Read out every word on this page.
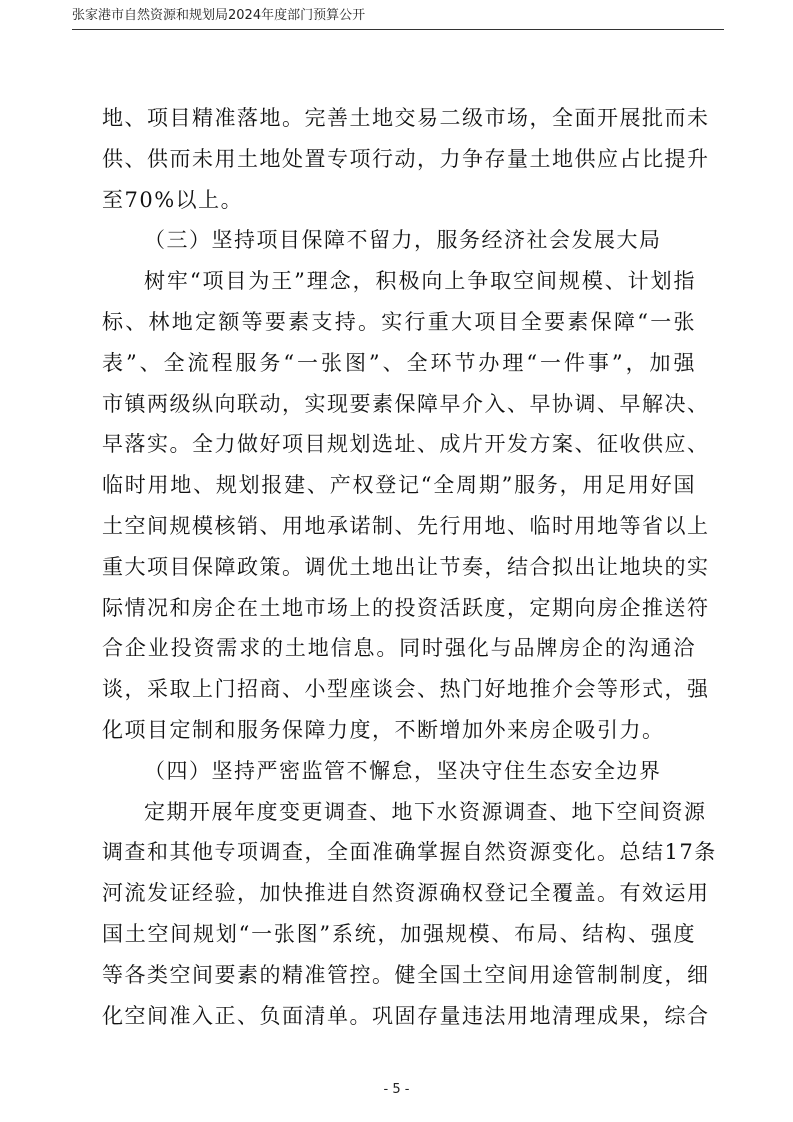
张家港市自然资源和规划局2024年度部门预算公开
地、项目精准落地。完善土地交易二级市场，全面开展批而未
供、供而未用土地处置专项行动，力争存量土地供应占比提升
至70%以上。
（三）坚持项目保障不留力，服务经济社会发展大局
树牢“项目为王”理念，积极向上争取空间规模、计划指
标、林地定额等要素支持。实行重大项目全要素保障“一张
表”、全流程服务“一张图”、全环节办理“一件事”，加强
市镇两级纵向联动，实现要素保障早介入、早协调、早解决、
早落实。全力做好项目规划选址、成片开发方案、征收供应、
临时用地、规划报建、产权登记“全周期”服务，用足用好国
土空间规模核销、用地承诺制、先行用地、临时用地等省以上
重大项目保障政策。调优土地出让节奏，结合拟出让地块的实
际情况和房企在土地市场上的投资活跃度，定期向房企推送符
合企业投资需求的土地信息。同时强化与品牌房企的沟通洽
谈，采取上门招商、小型座谈会、热门好地推介会等形式，强
化项目定制和服务保障力度，不断增加外来房企吸引力。
（四）坚持严密监管不懈怠，坚决守住生态安全边界
定期开展年度变更调查、地下水资源调查、地下空间资源
调查和其他专项调查，全面准确掌握自然资源变化。总结17条
河流发证经验，加快推进自然资源确权登记全覆盖。有效运用
国土空间规划“一张图”系统，加强规模、布局、结构、强度
等各类空间要素的精准管控。健全国土空间用途管制制度，细
化空间准入正、负面清单。巩固存量违法用地清理成果，综合
- 5 -
